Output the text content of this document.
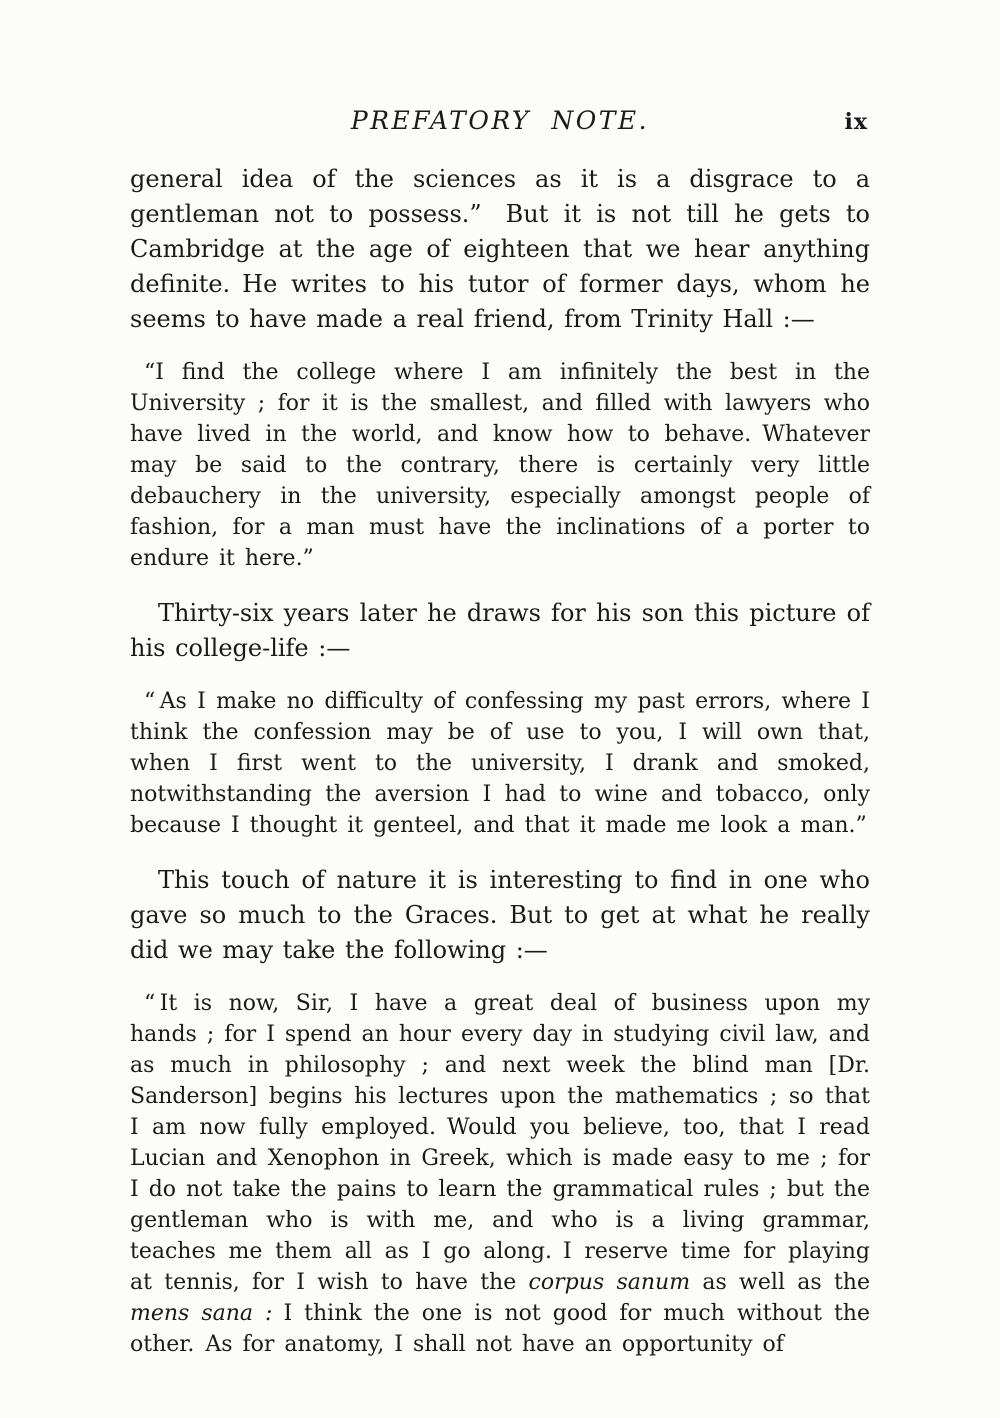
PREFATORY NOTE.	ix

general idea of the sciences as it is a disgrace to a gentleman not to possess.” But it is not till he gets to Cambridge at the age of eighteen that we hear anything definite. He writes to his tutor of former days, whom he seems to have made a real friend, from Trinity Hall :—

“I find the college where I am infinitely the best in the University ; for it is the smallest, and filled with lawyers who have lived in the world, and know how to behave. Whatever may be said to the contrary, there is certainly very little debauchery in the university, especially amongst people of fashion, for a man must have the inclinations of a porter to endure it here.”

Thirty-six years later he draws for his son this picture of his college-life :—

“ As I make no difficulty of confessing my past errors, where I think the confession may be of use to you, I will own that, when I first went to the university, I drank and smoked, notwithstanding the aversion I had to wine and tobacco, only because I thought it genteel, and that it made me look a man.”

This touch of nature it is interesting to find in one who gave so much to the Graces. But to get at what he really did we may take the following :—

“ It is now, Sir, I have a great deal of business upon my hands ; for I spend an hour every day in studying civil law, and as much in philosophy ; and next week the blind man [Dr. Sanderson] begins his lectures upon the mathematics ; so that I am now fully employed. Would you believe, too, that I read Lucian and Xenophon in Greek, which is made easy to me ; for I do not take the pains to learn the grammatical rules ; but the gentleman who is with me, and who is a living grammar, teaches me them all as I go along. I reserve time for playing at tennis, for I wish to have the corpus sanum as well as the mens sana : I think the one is not good for much without the other. As for anatomy, I shall not have an opportunity of
